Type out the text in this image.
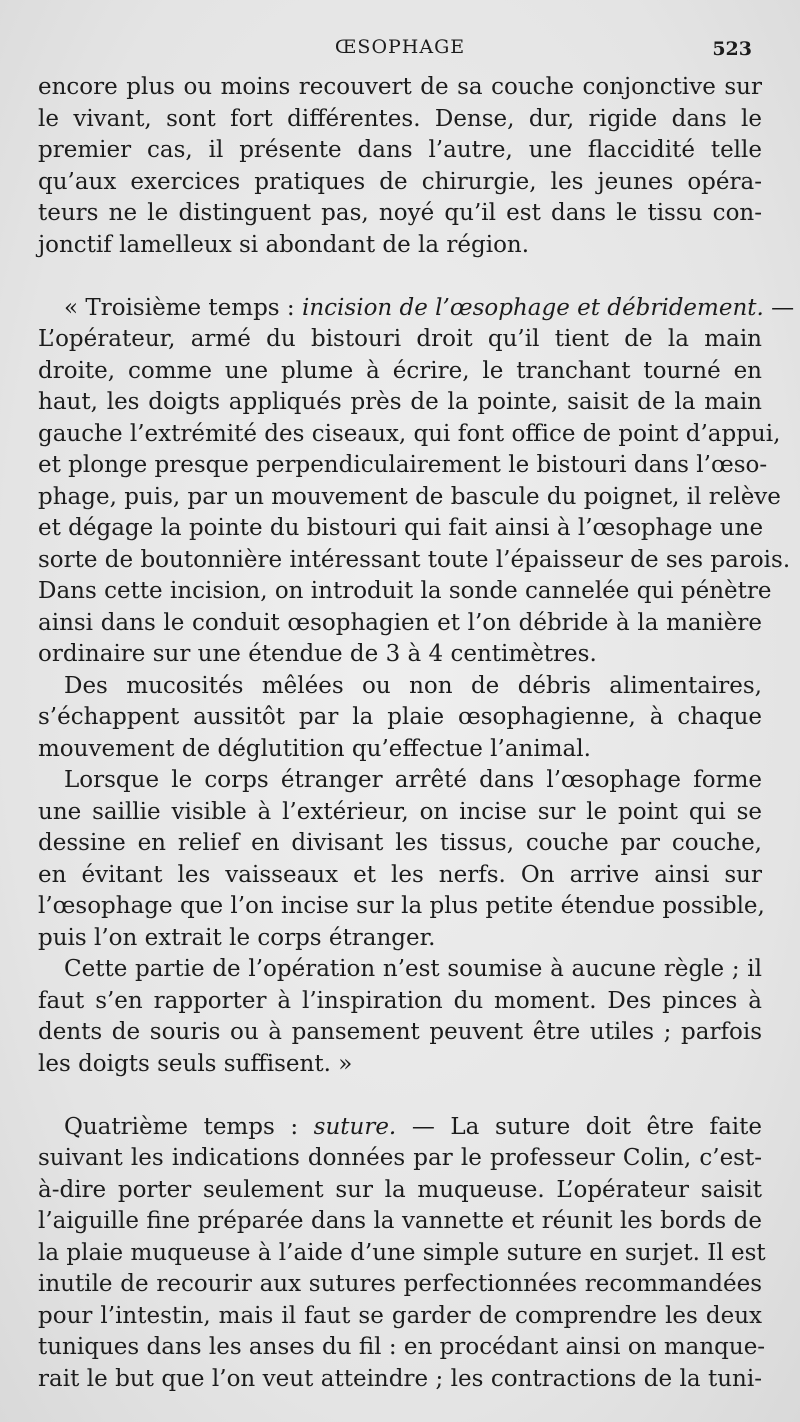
ŒSOPHAGE	523
encore plus ou moins recouvert de sa couche conjonctive sur
le vivant, sont fort différentes. Dense, dur, rigide dans le
premier cas, il présente dans l’autre, une flaccidité telle
qu’aux exercices pratiques de chirurgie, les jeunes opéra-
teurs ne le distinguent pas, noyé qu’il est dans le tissu con-
jonctif lamelleux si abondant de la région.
« Troisième temps : incision de l’œsophage et débridement. —
L’opérateur, armé du bistouri droit qu’il tient de la main
droite, comme une plume à écrire, le tranchant tourné en
haut, les doigts appliqués près de la pointe, saisit de la main
gauche l’extrémité des ciseaux, qui font office de point d’appui,
et plonge presque perpendiculairement le bistouri dans l’œso-
phage, puis, par un mouvement de bascule du poignet, il relève
et dégage la pointe du bistouri qui fait ainsi à l’œsophage une
sorte de boutonnière intéressant toute l’épaisseur de ses parois.
Dans cette incision, on introduit la sonde cannelée qui pénètre
ainsi dans le conduit œsophagien et l’on débride à la manière
ordinaire sur une étendue de 3 à 4 centimètres.
Des mucosités mêlées ou non de débris alimentaires,
s’échappent aussitôt par la plaie œsophagienne, à chaque
mouvement de déglutition qu’effectue l’animal.
Lorsque le corps étranger arrêté dans l’œsophage forme
une saillie visible à l’extérieur, on incise sur le point qui se
dessine en relief en divisant les tissus, couche par couche,
en évitant les vaisseaux et les nerfs. On arrive ainsi sur
l’œsophage que l’on incise sur la plus petite étendue possible,
puis l’on extrait le corps étranger.
Cette partie de l’opération n’est soumise à aucune règle ; il
faut s’en rapporter à l’inspiration du moment. Des pinces à
dents de souris ou à pansement peuvent être utiles ; parfois
les doigts seuls suffisent. »
Quatrième temps : suture. — La suture doit être faite
suivant les indications données par le professeur Colin, c’est-
à-dire porter seulement sur la muqueuse. L’opérateur saisit
l’aiguille fine préparée dans la vannette et réunit les bords de
la plaie muqueuse à l’aide d’une simple suture en surjet. Il est
inutile de recourir aux sutures perfectionnées recommandées
pour l’intestin, mais il faut se garder de comprendre les deux
tuniques dans les anses du fil : en procédant ainsi on manque-
rait le but que l’on veut atteindre ; les contractions de la tuni-
